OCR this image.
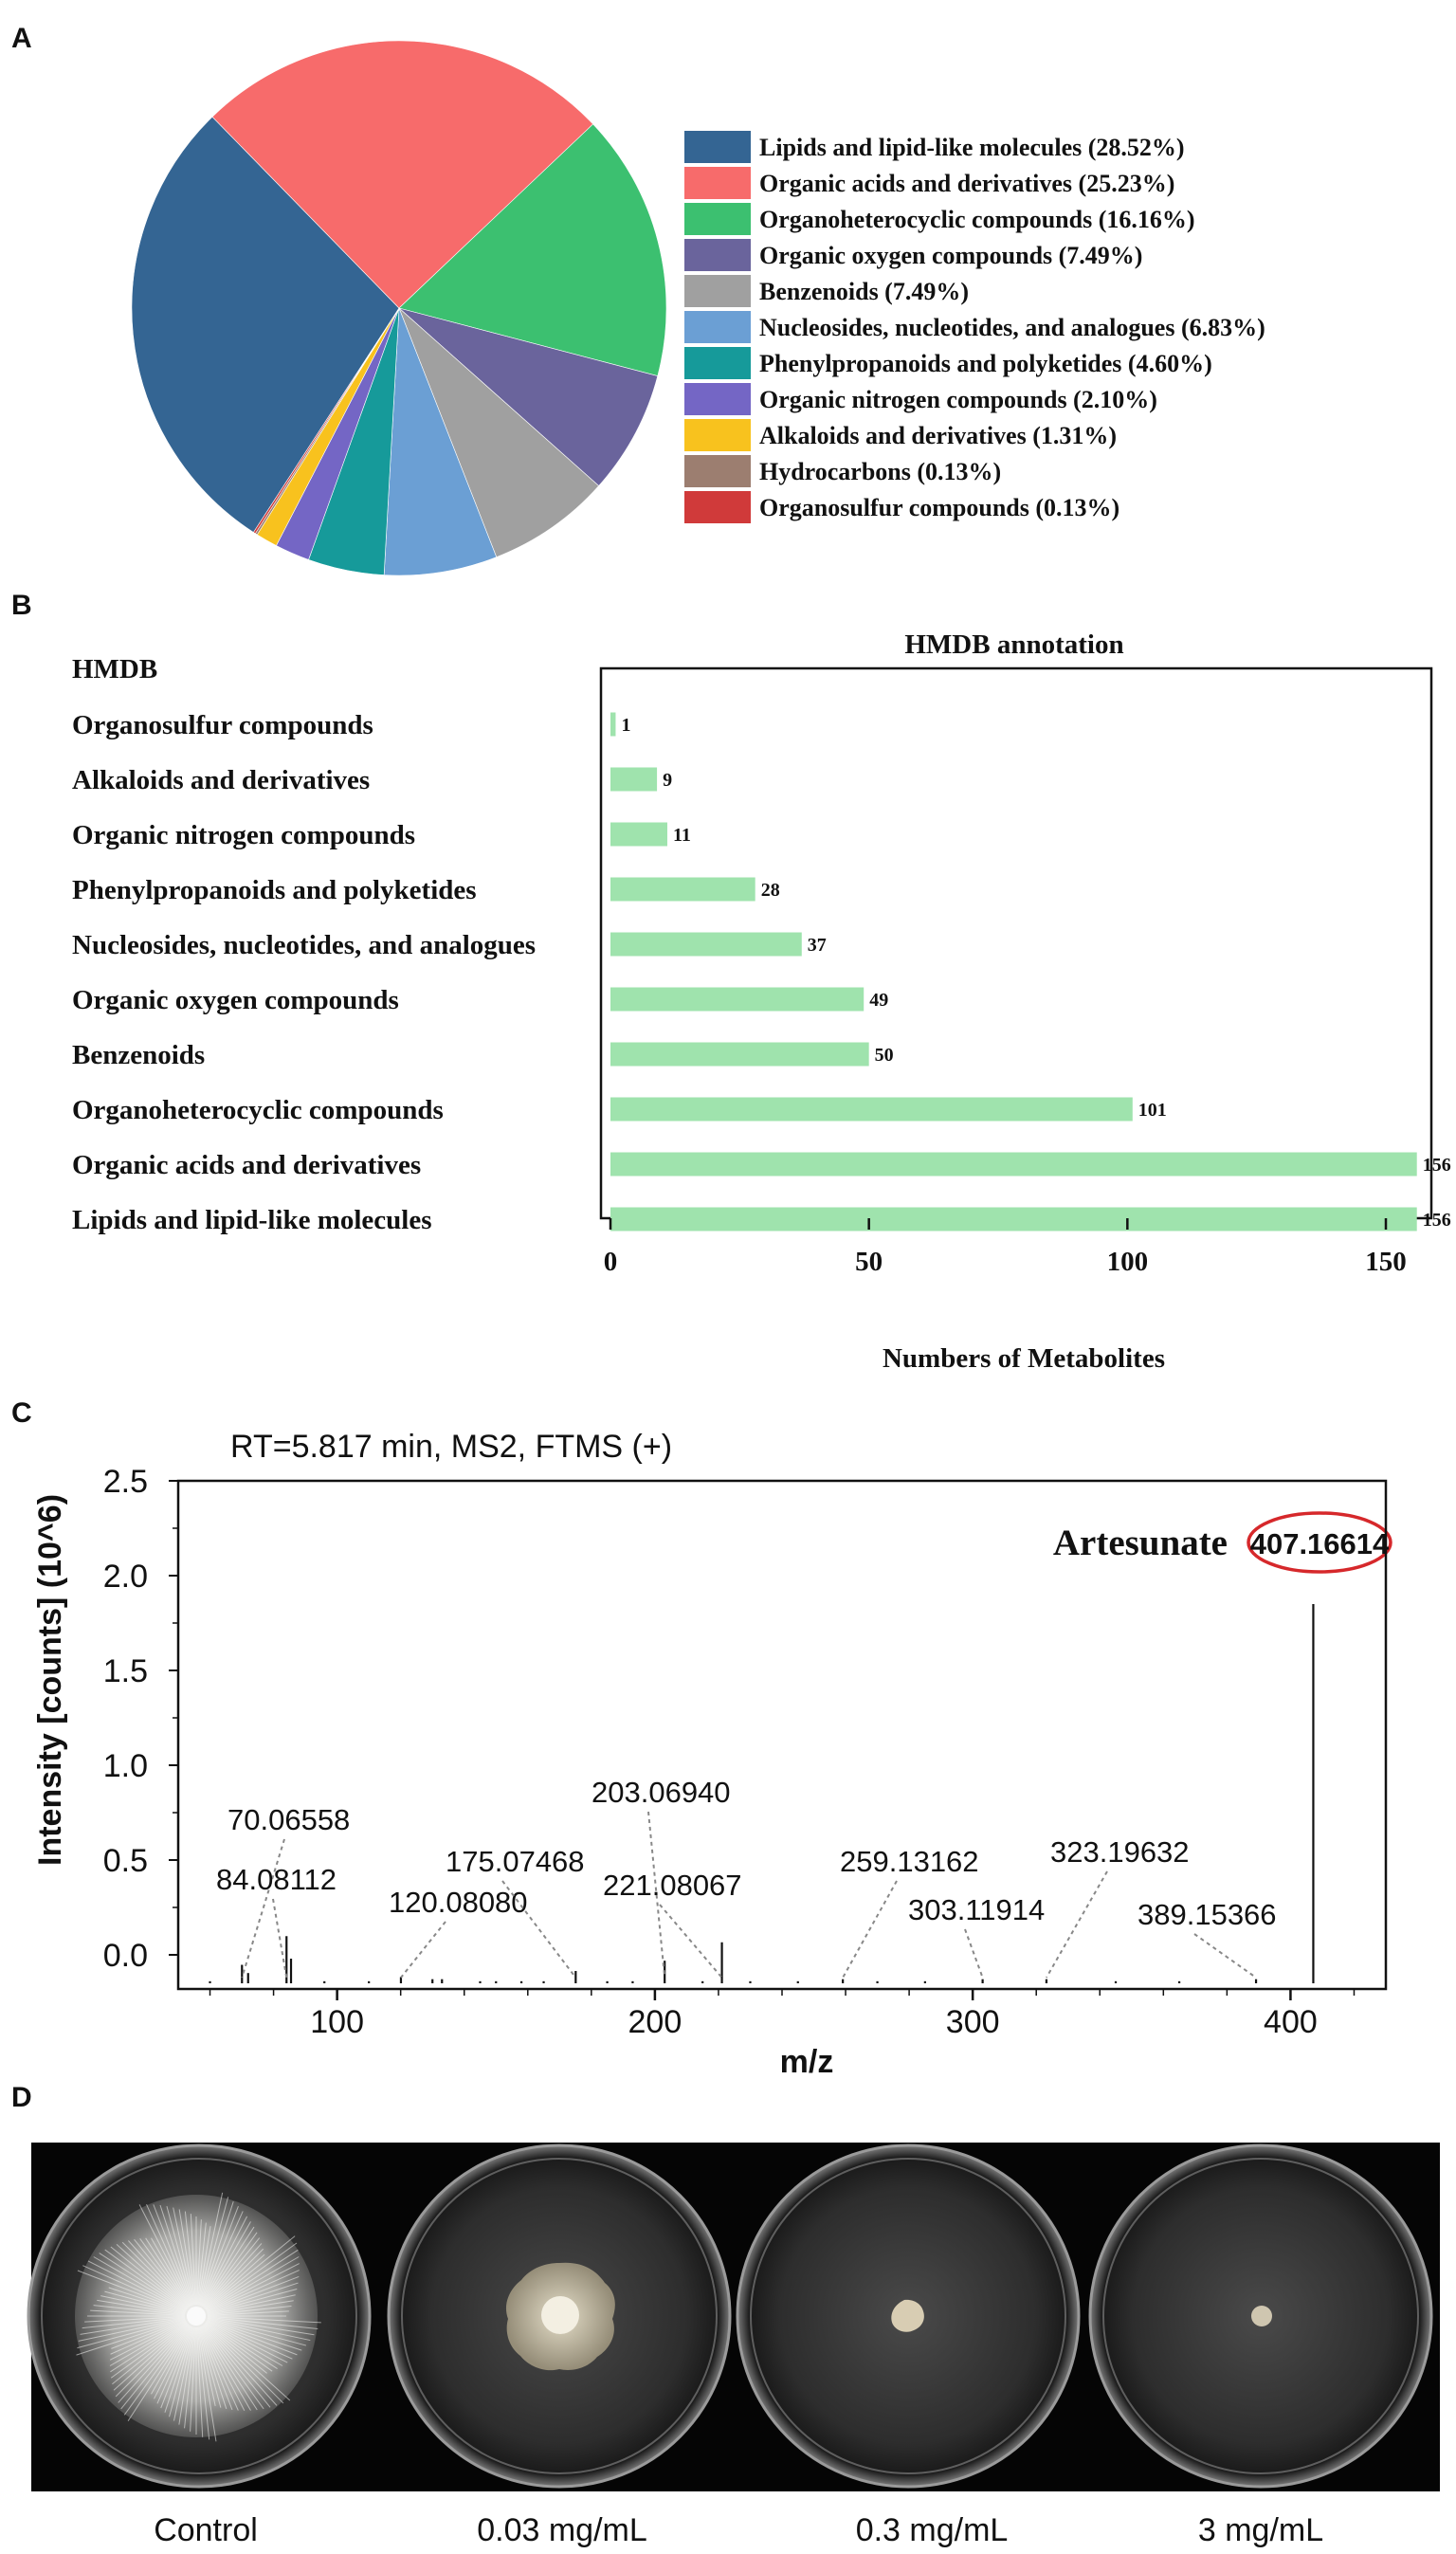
A
B
C
D
Lipids and lipid-like molecules (28.52%)
Organic acids and derivatives (25.23%)
Organoheterocyclic compounds (16.16%)
Organic oxygen compounds (7.49%)
Benzenoids (7.49%)
Nucleosides, nucleotides, and analogues (6.83%)
Phenylpropanoids and polyketides (4.60%)
Organic nitrogen compounds (2.10%)
Alkaloids and derivatives (1.31%)
Hydrocarbons (0.13%)
Organosulfur compounds (0.13%)
HMDB
HMDB annotation
Numbers of Metabolites
Organosulfur compounds	1
Alkaloids and derivatives	9
Organic nitrogen compounds	11
Phenylpropanoids and polyketides	28
Nucleosides, nucleotides, and analogues	37
Organic oxygen compounds	49
Benzenoids	50
Organoheterocyclic compounds	101
Organic acids and derivatives	156
Lipids and lipid-like molecules	156
0	50	100	150
RT=5.817 min, MS2, FTMS (+)
Intensity [counts] (10^6)
m/z
Artesunate 407.16614
0.0
0.5
1.0
1.5
2.0
2.5
100	200	300	400
70.06558
84.08112
120.08080
175.07468
203.06940
221.08067
259.13162
303.11914
323.19632
389.15366
Control	0.03 mg/mL	0.3 mg/mL	3 mg/mL
